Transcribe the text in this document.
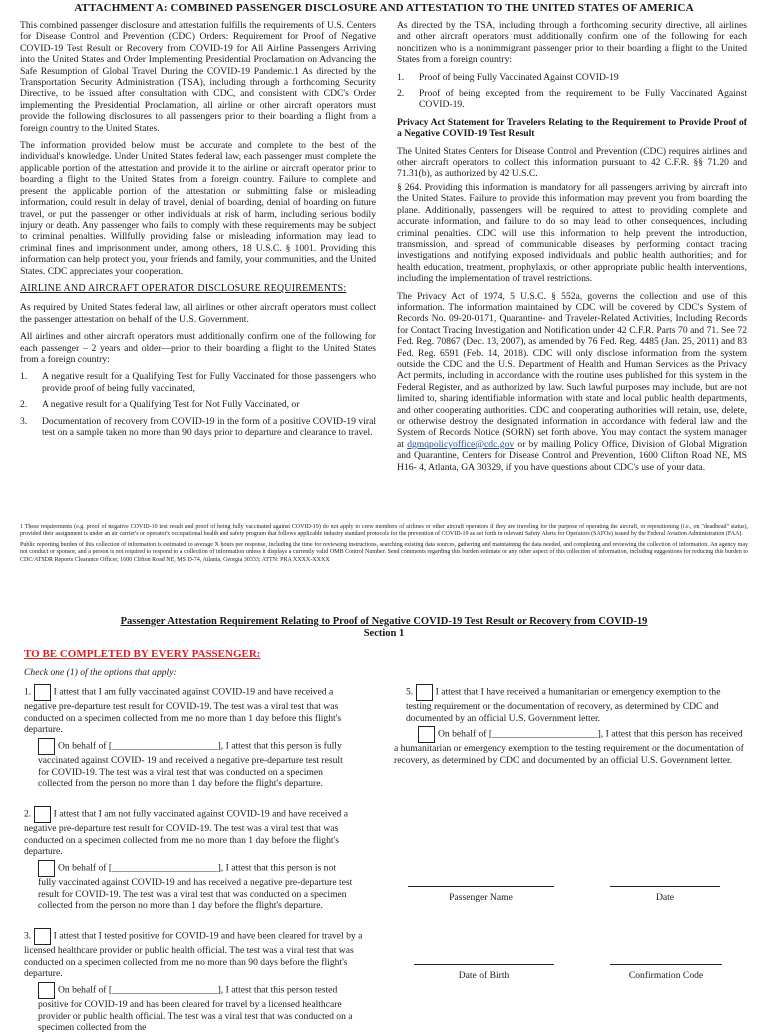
ATTACHMENT A: COMBINED PASSENGER DISCLOSURE AND ATTESTATION TO THE UNITED STATES OF AMERICA

This combined passenger disclosure and attestation fulfills the requirements of U.S. Centers for Disease Control and Prevention (CDC) Orders: Requirement for Proof of Negative COVID-19 Test Result or Recovery from COVID-19 for All Airline Passengers Arriving into the United States and Order Implementing Presidential Proclamation on Advancing the Safe Resumption of Global Travel During the COVID-19 Pandemic.1 As directed by the Transportation Security Administration (TSA), including through a forthcoming Security Directive, to be issued after consultation with CDC, and consistent with CDC's Order implementing the Presidential Proclamation, all airline or other aircraft operators must provide the following disclosures to all passengers prior to their boarding a flight from a foreign country to the United States.

The information provided below must be accurate and complete to the best of the individual's knowledge. Under United States federal law, each passenger must complete the applicable portion of the attestation and provide it to the airline or aircraft operator prior to boarding a flight to the United States from a foreign country. Failure to complete and present the applicable portion of the attestation or submitting false or misleading information, could result in delay of travel, denial of boarding, denial of boarding on future travel, or put the passenger or other individuals at risk of harm, including serious bodily injury or death. Any passenger who fails to comply with these requirements may be subject to criminal penalties. Willfully providing false or misleading information may lead to criminal fines and imprisonment under, among others, 18 U.S.C. § 1001. Providing this information can help protect you, your friends and family, your communities, and the United States. CDC appreciates your cooperation.

AIRLINE AND AIRCRAFT OPERATOR DISCLOSURE REQUIREMENTS:

As required by United States federal law, all airlines or other aircraft operators must collect the passenger attestation on behalf of the U.S. Government.

All airlines and other aircraft operators must additionally confirm one of the following for each passenger – 2 years and older—prior to their boarding a flight to the United States from a foreign country:

1. A negative result for a Qualifying Test for Fully Vaccinated for those passengers who provide proof of being fully vaccinated,
2. A negative result for a Qualifying Test for Not Fully Vaccinated, or
3. Documentation of recovery from COVID-19 in the form of a positive COVID-19 viral test on a sample taken no more than 90 days prior to departure and clearance to travel.

As directed by the TSA, including through a forthcoming security directive, all airlines and other aircraft operators must additionally confirm one of the following for each noncitizen who is a nonimmigrant passenger prior to their boarding a flight to the United States from a foreign country:

1. Proof of being Fully Vaccinated Against COVID-19
2. Proof of being excepted from the requirement to be Fully Vaccinated Against COVID-19.

Privacy Act Statement for Travelers Relating to the Requirement to Provide Proof of a Negative COVID-19 Test Result

The United States Centers for Disease Control and Prevention (CDC) requires airlines and other aircraft operators to collect this information pursuant to 42 C.F.R. §§ 71.20 and 71.31(b), as authorized by 42 U.S.C.

§ 264. Providing this information is mandatory for all passengers arriving by aircraft into the United States. Failure to provide this information may prevent you from boarding the plane. Additionally, passengers will be required to attest to providing complete and accurate information, and failure to do so may lead to other consequences, including criminal penalties. CDC will use this information to help prevent the introduction, transmission, and spread of communicable diseases by performing contact tracing investigations and notifying exposed individuals and public health authorities; and for health education, treatment, prophylaxis, or other appropriate public health interventions, including the implementation of travel restrictions.

The Privacy Act of 1974, 5 U.S.C. § 552a, governs the collection and use of this information. The information maintained by CDC will be covered by CDC's System of Records No. 09-20-0171, Quarantine- and Traveler-Related Activities, Including Records for Contact Tracing Investigation and Notification under 42 C.F.R. Parts 70 and 71. See 72 Fed. Reg. 70867 (Dec. 13, 2007), as amended by 76 Fed. Reg. 4485 (Jan. 25, 2011) and 83 Fed. Reg. 6591 (Feb. 14, 2018). CDC will only disclose information from the system outside the CDC and the U.S. Department of Health and Human Services as the Privacy Act permits, including in accordance with the routine uses published for this system in the Federal Register, and as authorized by law. Such lawful purposes may include, but are not limited to, sharing identifiable information with state and local public health departments, and other cooperating authorities. CDC and cooperating authorities will retain, use, delete, or otherwise destroy the designated information in accordance with federal law and the System of Records Notice (SORN) set forth above. You may contact the system manager at dgmqpolicyoffice@cdc.gov or by mailing Policy Office, Division of Global Migration and Quarantine, Centers for Disease Control and Prevention, 1600 Clifton Road NE, MS H16- 4, Atlanta, GA 30329, if you have questions about CDC's use of your data.

1 These requirements (e.g. proof of negative COVID-10 test result and proof of being fully vaccinated against COVID-19) do not apply to crew members of airlines or other aircraft operators if they are traveling for the purpose of operating the aircraft, or repositioning (i.e., on "deadhead" status), provided their assignment is under an air carrier's or operator's occupational health and safety program that follows applicable industry standard protocols for the prevention of COVID-19 as set forth in relevant Safety Alerts for Operators (SAFOs) issued by the Federal Aviation Administration (FAA).
Public reporting burden of this collection of information is estimated to average X hours per response, including the time for reviewing instructions, searching existing data sources, gathering and maintaining the data needed, and completing and reviewing the collection of information. An agency may not conduct or sponsor, and a person is not required to respond to a collection of information unless it displays a currently valid OMB Control Number. Send comments regarding this burden estimate or any other aspect of this collection of information, including suggestions for reducing this burden to CDC/ATSDR Reports Clearance Officer, 1600 Clifton Road NE, MS D-74, Atlanta, Georgia 30333; ATTN: PRA XXXX-XXXX
Passenger Attestation Requirement Relating to Proof of Negative COVID-19 Test Result or Recovery from COVID-19
Section 1
TO BE COMPLETED BY EVERY PASSENGER:
Check one (1) of the options that apply:
1. I attest that I am fully vaccinated against COVID-19 and have received a negative pre-departure test result for COVID-19. The test was a viral test that was conducted on a specimen collected from me no more than 1 day before this flight's departure.
On behalf of [______________________], I attest that this person is fully vaccinated against COVID- 19 and received a negative pre-departure test result for COVID-19. The test was a viral test that was conducted on a specimen collected from the person no more than 1 day before the flight's departure.
2. I attest that I am not fully vaccinated against COVID-19 and have received a negative pre-departure test result for COVID-19. The test was a viral test that was conducted on a specimen collected from me no more than 1 day before the flight's departure.
On behalf of [______________________], I attest that this person is not fully vaccinated against COVID-19 and has received a negative pre-departure test result for COVID-19. The test was a viral test that was conducted on a specimen collected from the person no more than 1 day before the flight's departure.
3. I attest that I tested positive for COVID-19 and have been cleared for travel by a licensed healthcare provider or public health official. The test was a viral test that was conducted on a specimen collected from me no more than 90 days before the flight's departure.
On behalf of [______________________], I attest that this person tested positive for COVID-19 and has been cleared for travel by a licensed healthcare provider or public health official. The test was a viral test that was conducted on a specimen collected from the
5. I attest that I have received a humanitarian or emergency exemption to the testing requirement or the documentation of recovery, as determined by CDC and documented by an official U.S. Government letter.
On behalf of [______________________], I attest that this person has received a humanitarian or emergency exemption to the testing requirement or the documentation of recovery, as determined by CDC and documented by an official U.S. Government letter.
Passenger Name	Date
Date of Birth	Confirmation Code
